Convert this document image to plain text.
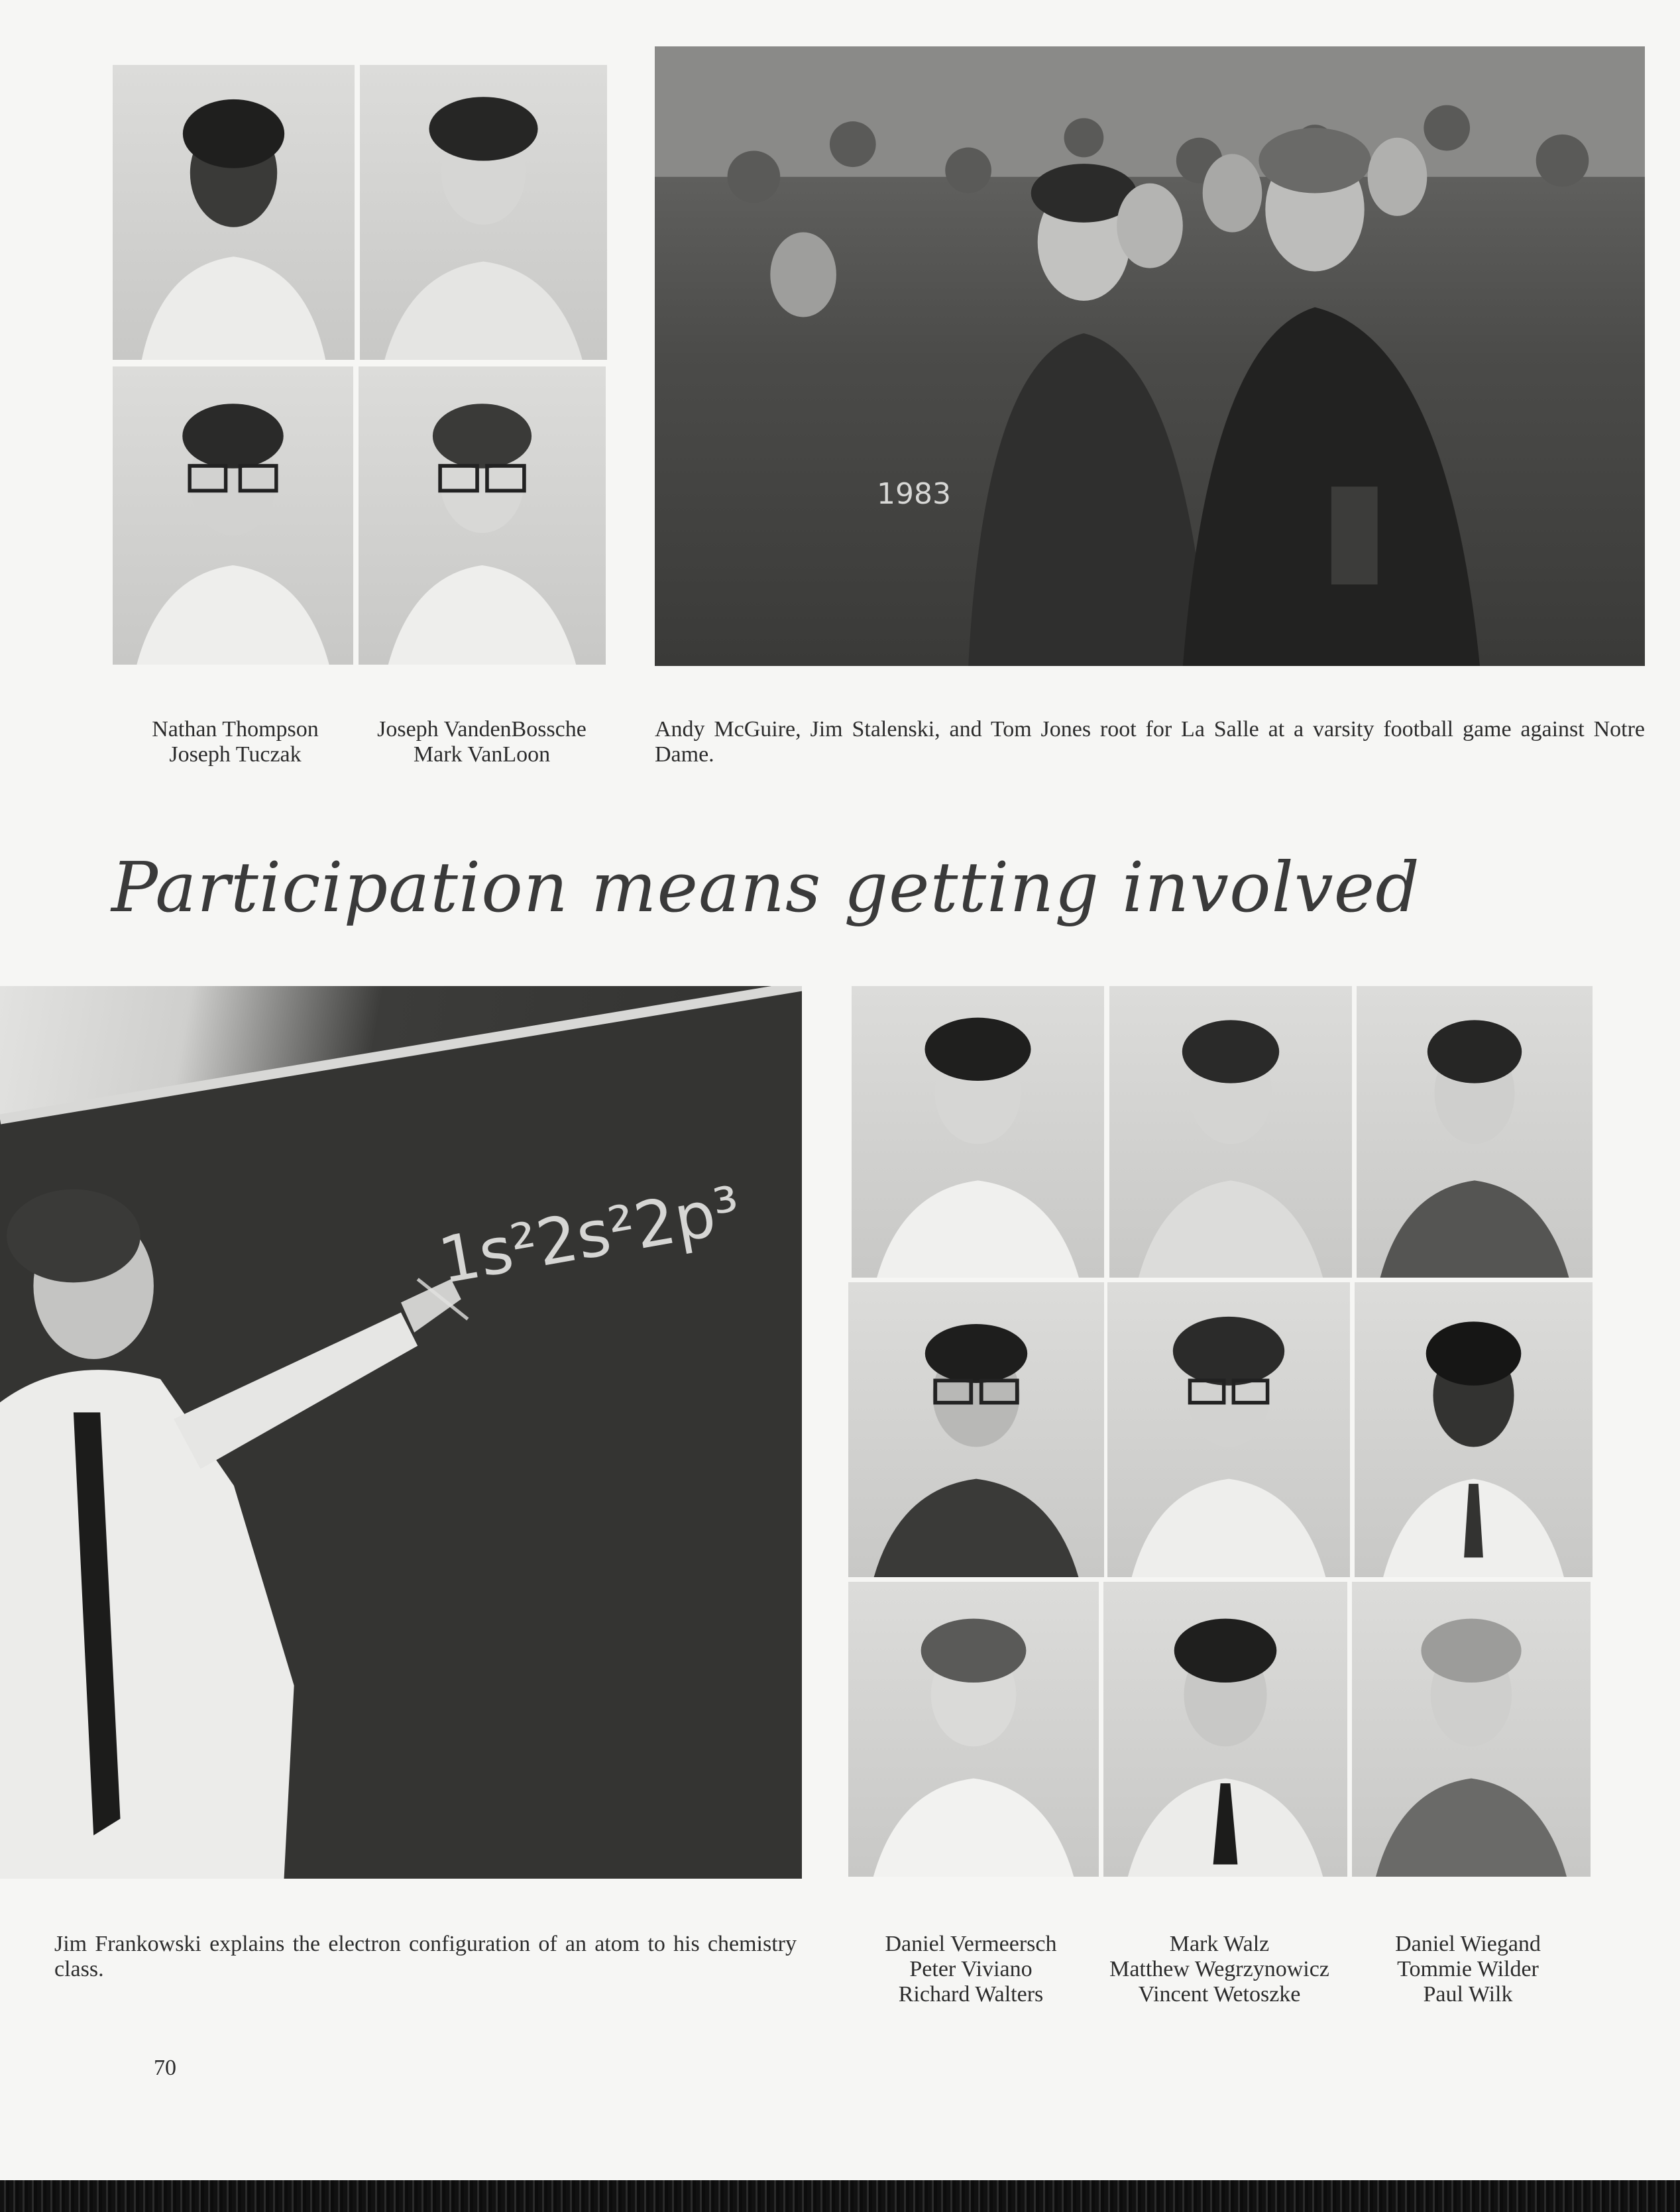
1983
Nathan Thompson
Joseph Tuczak
Joseph VandenBossche
Mark VanLoon
Andy McGuire, Jim Stalenski, and Tom Jones root for La Salle at a varsity football game against Notre Dame.
Participation means getting involved
1s²2s²2p³
Jim Frankowski explains the electron configuration of an atom to his chemistry class.
Daniel Vermeersch
Peter Viviano
Richard Walters
Mark Walz
Matthew Wegrzynowicz
Vincent Wetoszke
Daniel Wiegand
Tommie Wilder
Paul Wilk
70
